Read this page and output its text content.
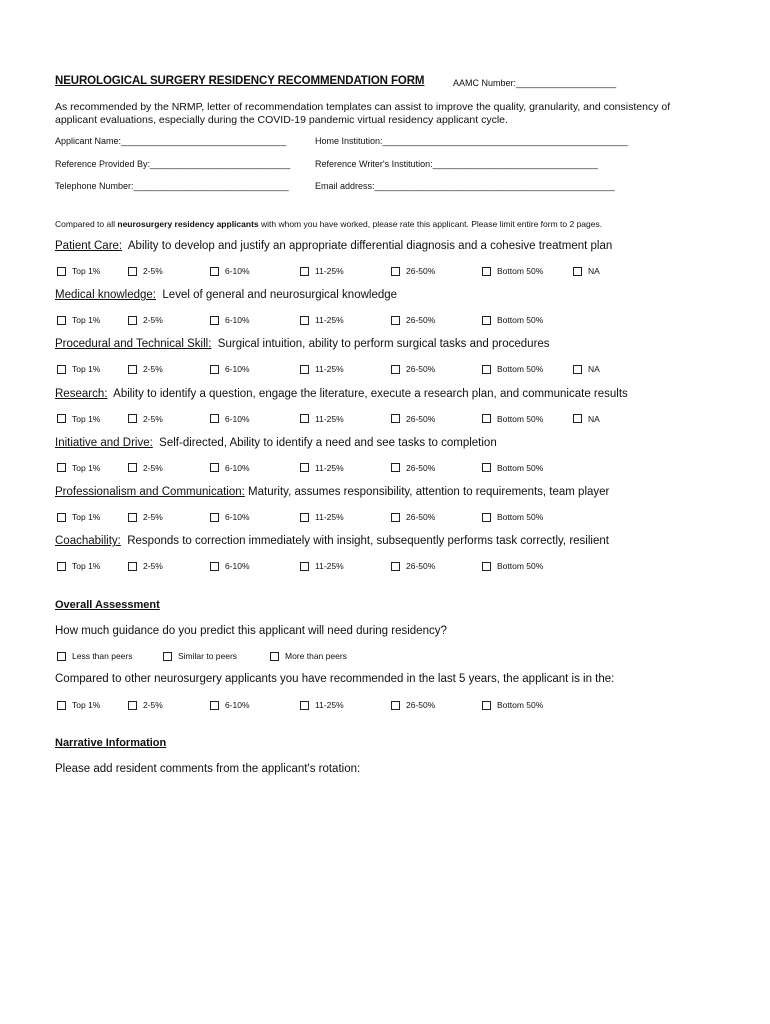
NEUROLOGICAL SURGERY RESIDENCY RECOMMENDATION FORM	AAMC Number:____________________
As recommended by the NRMP, letter of recommendation templates can assist to improve the quality, granularity, and consistency of applicant evaluations, especially during the COVID-19 pandemic virtual residency applicant cycle.
Applicant Name:_________________________________	Home Institution:_________________________________________________
Reference Provided By:____________________________	Reference Writer's Institution:_________________________________
Telephone Number:_______________________________	Email address:________________________________________________
Compared to all neurosurgery residency applicants with whom you have worked, please rate this applicant. Please limit entire form to 2 pages.
Patient Care:  Ability to develop and justify an appropriate differential diagnosis and a cohesive treatment plan
Top 1%	2-5%	6-10%	11-25%	26-50%	Bottom 50%	NA
Medical knowledge:  Level of general and neurosurgical knowledge
Top 1%	2-5%	6-10%	11-25%	26-50%	Bottom 50%
Procedural and Technical Skill:  Surgical intuition, ability to perform surgical tasks and procedures
Top 1%	2-5%	6-10%	11-25%	26-50%	Bottom 50%	NA
Research:  Ability to identify a question, engage the literature, execute a research plan, and communicate results
Top 1%	2-5%	6-10%	11-25%	26-50%	Bottom 50%	NA
Initiative and Drive:  Self-directed, Ability to identify a need and see tasks to completion
Top 1%	2-5%	6-10%	11-25%	26-50%	Bottom 50%
Professionalism and Communication: Maturity, assumes responsibility, attention to requirements, team player
Top 1%	2-5%	6-10%	11-25%	26-50%	Bottom 50%
Coachability:  Responds to correction immediately with insight, subsequently performs task correctly, resilient
Top 1%	2-5%	6-10%	11-25%	26-50%	Bottom 50%
Overall Assessment
How much guidance do you predict this applicant will need during residency?
Less than peers	Similar to peers	More than peers
Compared to other neurosurgery applicants you have recommended in the last 5 years, the applicant is in the:
Top 1%	2-5%	6-10%	11-25%	26-50%	Bottom 50%
Narrative Information
Please add resident comments from the applicant's rotation:
